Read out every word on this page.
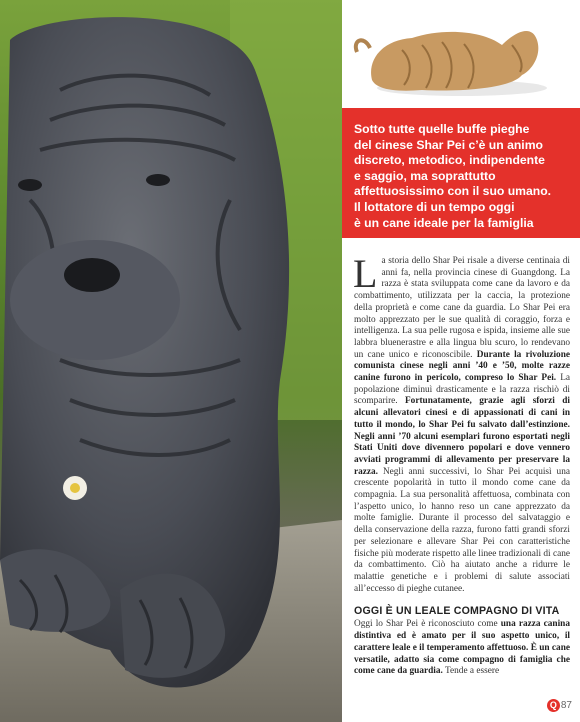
Sotto tutte quelle buffe pieghe

del cinese Shar Pei c’è un animo

discreto, metodico, indipendente

e saggio, ma soprattutto

affettuosissimo con il suo umano.

Il lottatore di un tempo oggi

è un cane ideale per la famiglia

La storia dello Shar Pei risale a diverse centinaia di anni fa, nella provincia cinese di Guangdong. La razza è stata sviluppata come cane da lavoro e da combattimento, utilizzata per la caccia, la protezione della proprietà e come cane da guardia. Lo Shar Pei era molto apprezzato per le sue qualità di coraggio, forza e intelligenza. La sua pelle rugosa e ispida, insieme alle sue labbra bluenerastre e alla lingua blu scuro, lo rendevano un cane unico e riconoscibile. Durante la rivoluzione comunista cinese negli anni ’40 e ’50, molte razze canine furono in pericolo, compreso lo Shar Pei. La popolazione diminuì drasticamente e la razza rischiò di scomparire. Fortunatamente, grazie agli sforzi di alcuni allevatori cinesi e di appassionati di cani in tutto il mondo, lo Shar Pei fu salvato dall’estinzione. Negli anni ’70 alcuni esemplari furono esportati negli Stati Uniti dove divennero popolari e dove vennero avviati programmi di allevamento per preservare la razza. Negli anni successivi, lo Shar Pei acquisì una crescente popolarità in tutto il mondo come cane da compagnia. La sua personalità affettuosa, combinata con l’aspetto unico, lo hanno reso un cane apprezzato da molte famiglie. Durante il processo del salvataggio e della conservazione della razza, furono fatti grandi sforzi per selezionare e allevare Shar Pei con caratteristiche fisiche più moderate rispetto alle linee tradizionali di cane da combattimento. Ciò ha aiutato anche a ridurre le malattie genetiche e i problemi di salute associati all’eccesso di pieghe cutanee.

OGGI È UN LEALE COMPAGNO DI VITA

Oggi lo Shar Pei è riconosciuto come una razza canina distintiva ed è amato per il suo aspetto unico, il carattere leale e il temperamento affettuoso. È un cane versatile, adatto sia come compagno di famiglia che come cane da guardia. Tende a essere

Q 87
